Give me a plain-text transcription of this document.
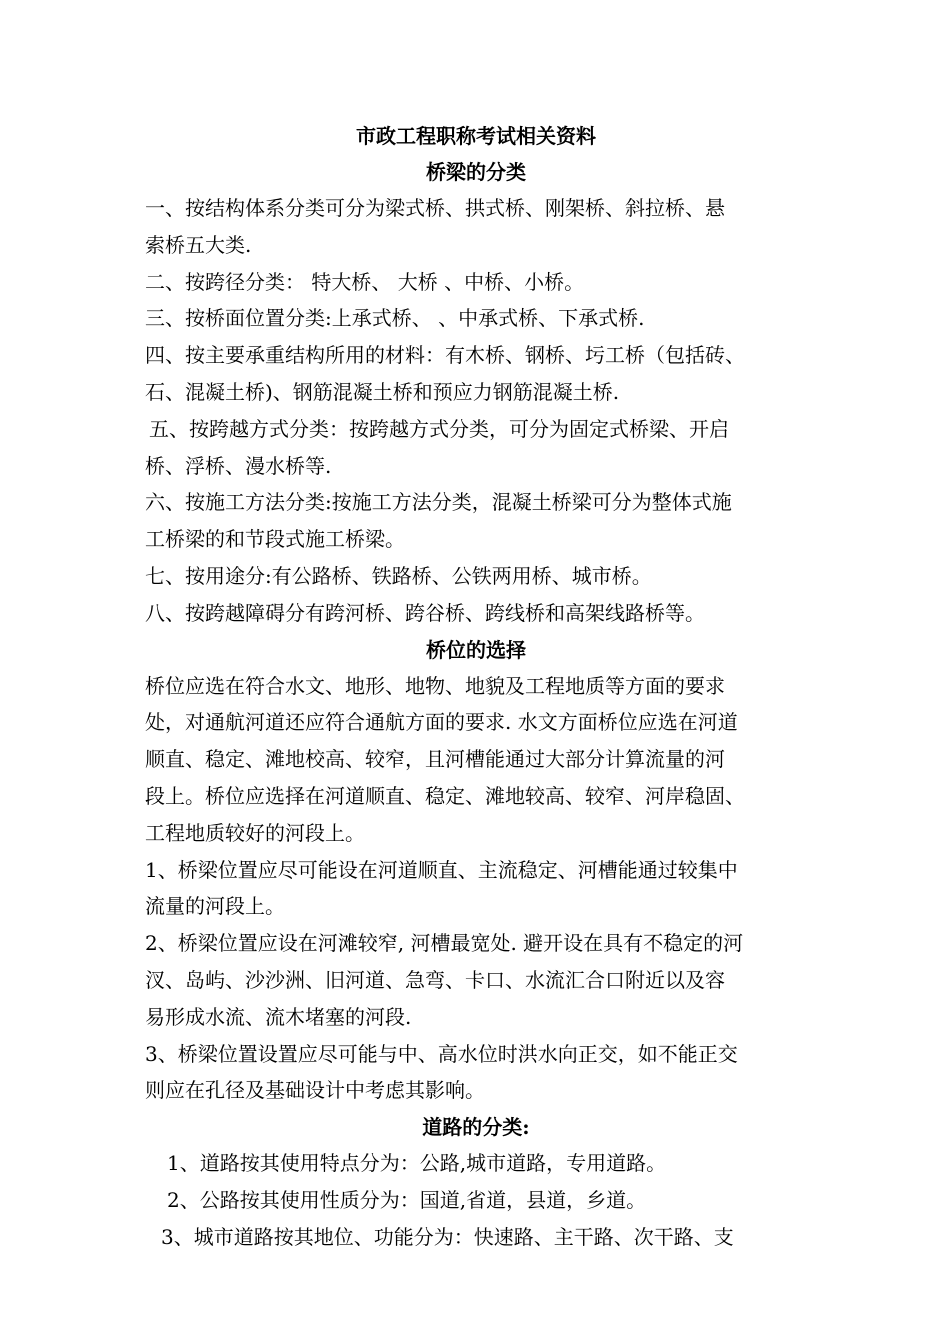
市政工程职称考试相关资料
桥梁的分类

一、按结构体系分类可分为梁式桥、拱式桥、刚架桥、斜拉桥、悬
索桥五大类.

二、按跨径分类： 特大桥、 大桥 、中桥、小桥。

三、按桥面位置分类:上承式桥、 、中承式桥、下承式桥.

四、按主要承重结构所用的材料：有木桥、钢桥、圬工桥（包括砖、
石、混凝土桥)、钢筋混凝土桥和预应力钢筋混凝土桥.

五、按跨越方式分类：按跨越方式分类，可分为固定式桥梁、开启
桥、浮桥、漫水桥等.

六、按施工方法分类:按施工方法分类，混凝土桥梁可分为整体式施
工桥梁的和节段式施工桥梁。

七、按用途分:有公路桥、铁路桥、公铁两用桥、城市桥。

八、按跨越障碍分有跨河桥、跨谷桥、跨线桥和高架线路桥等。

桥位的选择

桥位应选在符合水文、地形、地物、地貌及工程地质等方面的要求
处，对通航河道还应符合通航方面的要求. 水文方面桥位应选在河道
顺直、稳定、滩地校高、较窄，且河槽能通过大部分计算流量的河
段上。桥位应选择在河道顺直、稳定、滩地较高、较窄、河岸稳固、
工程地质较好的河段上。

1、桥梁位置应尽可能设在河道顺直、主流稳定、河槽能通过较集中
流量的河段上。

2、桥梁位置应设在河滩较窄, 河槽最宽处. 避开设在具有不稳定的河
汊、岛屿、沙沙洲、旧河道、急弯、卡口、水流汇合口附近以及容
易形成水流、流木堵塞的河段.

3、桥梁位置设置应尽可能与中、高水位时洪水向正交，如不能正交
则应在孔径及基础设计中考虑其影响。

道路的分类:

1、道路按其使用特点分为：公路,城市道路，专用道路。

2、公路按其使用性质分为：国道,省道，县道，乡道。

3、城市道路按其地位、功能分为：快速路、主干路、次干路、支
